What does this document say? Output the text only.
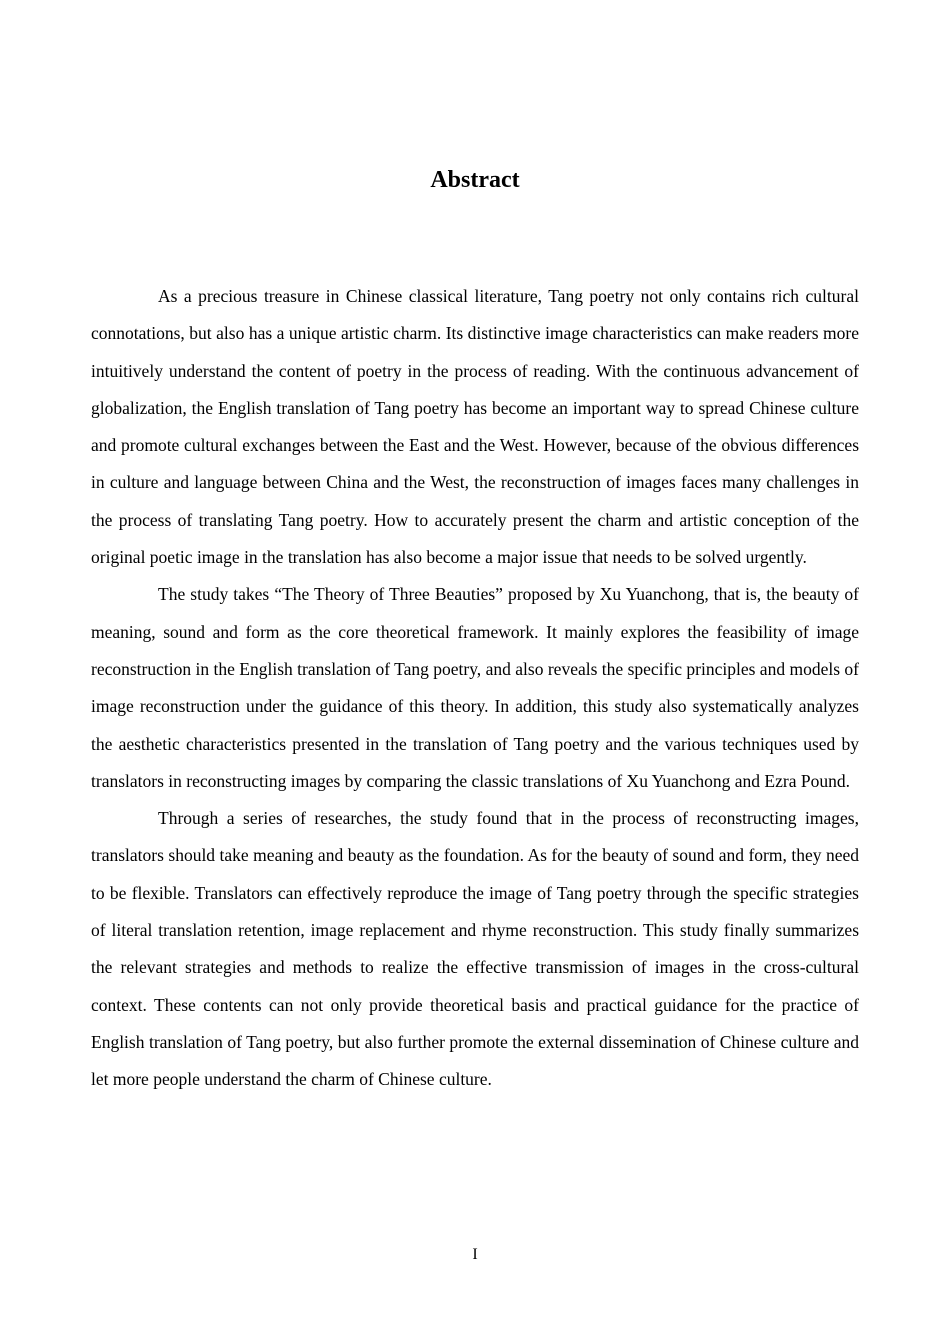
Abstract

As a precious treasure in Chinese classical literature, Tang poetry not only contains rich cultural connotations, but also has a unique artistic charm. Its distinctive image characteristics can make readers more intuitively understand the content of poetry in the process of reading. With the continuous advancement of globalization, the English translation of Tang poetry has become an important way to spread Chinese culture and promote cultural exchanges between the East and the West. However, because of the obvious differences in culture and language between China and the West, the reconstruction of images faces many challenges in the process of translating Tang poetry. How to accurately present the charm and artistic conception of the original poetic image in the translation has also become a major issue that needs to be solved urgently.

The study takes “The Theory of Three Beauties” proposed by Xu Yuanchong, that is, the beauty of meaning, sound and form as the core theoretical framework. It mainly explores the feasibility of image reconstruction in the English translation of Tang poetry, and also reveals the specific principles and models of image reconstruction under the guidance of this theory. In addition, this study also systematically analyzes the aesthetic characteristics presented in the translation of Tang poetry and the various techniques used by translators in reconstructing images by comparing the classic translations of Xu Yuanchong and Ezra Pound.

Through a series of researches, the study found that in the process of reconstructing images, translators should take meaning and beauty as the foundation. As for the beauty of sound and form, they need to be flexible. Translators can effectively reproduce the image of Tang poetry through the specific strategies of literal translation retention, image replacement and rhyme reconstruction. This study finally summarizes the relevant strategies and methods to realize the effective transmission of images in the cross-cultural context. These contents can not only provide theoretical basis and practical guidance for the practice of English translation of Tang poetry, but also further promote the external dissemination of Chinese culture and let more people understand the charm of Chinese culture.

I
